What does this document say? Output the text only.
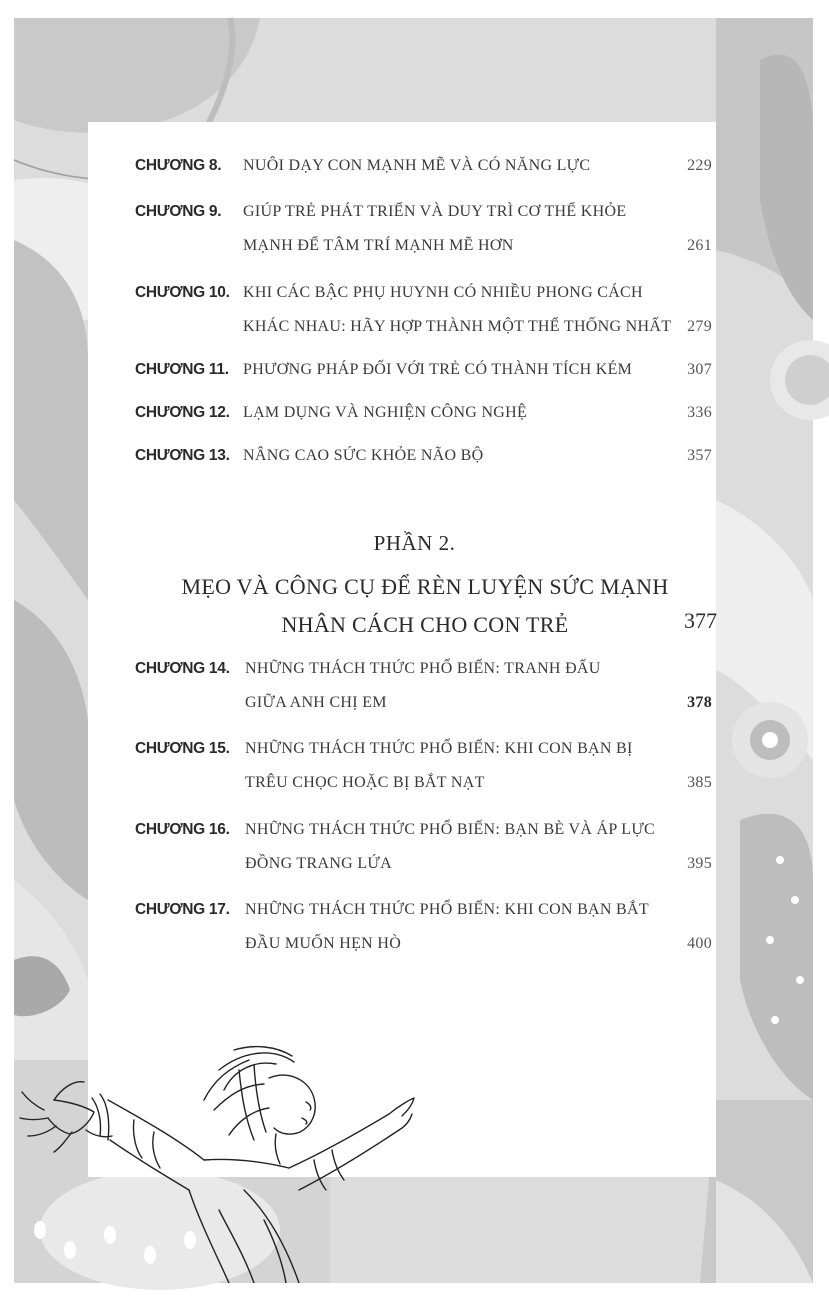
CHƯƠNG 8. NUÔI DẠY CON MẠNH MẼ VÀ CÓ NĂNG LỰC	229
CHƯƠNG 9. GIÚP TRẺ PHÁT TRIỂN VÀ DUY TRÌ CƠ THỂ KHỎE
MẠNH ĐỂ TÂM TRÍ MẠNH MẼ HƠN	261
CHƯƠNG 10. KHI CÁC BẬC PHỤ HUYNH CÓ NHIỀU PHONG CÁCH
KHÁC NHAU: HÃY HỢP THÀNH MỘT THỂ THỐNG NHẤT 279
CHƯƠNG 11. PHƯƠNG PHÁP ĐỐI VỚI TRẺ CÓ THÀNH TÍCH KÉM	307
CHƯƠNG 12. LẠM DỤNG VÀ NGHIỆN CÔNG NGHỆ	336
CHƯƠNG 13. NÂNG CAO SỨC KHỎE NÃO BỘ	357
PHẦN 2.
MẸO VÀ CÔNG CỤ ĐỂ RÈN LUYỆN SỨC MẠNH
NHÂN CÁCH CHO CON TRẺ	377
CHƯƠNG 14. NHỮNG THÁCH THỨC PHỔ BIẾN: TRANH ĐẤU
GIỮA ANH CHỊ EM	378
CHƯƠNG 15. NHỮNG THÁCH THỨC PHỔ BIẾN: KHI CON BẠN BỊ
TRÊU CHỌC HOẶC BỊ BẮT NẠT	385
CHƯƠNG 16. NHỮNG THÁCH THỨC PHỔ BIẾN: BẠN BÈ VÀ ÁP LỰC
ĐỒNG TRANG LỨA	395
CHƯƠNG 17. NHỮNG THÁCH THỨC PHỔ BIẾN: KHI CON BẠN BẮT
ĐẦU MUỐN HẸN HÒ	400
